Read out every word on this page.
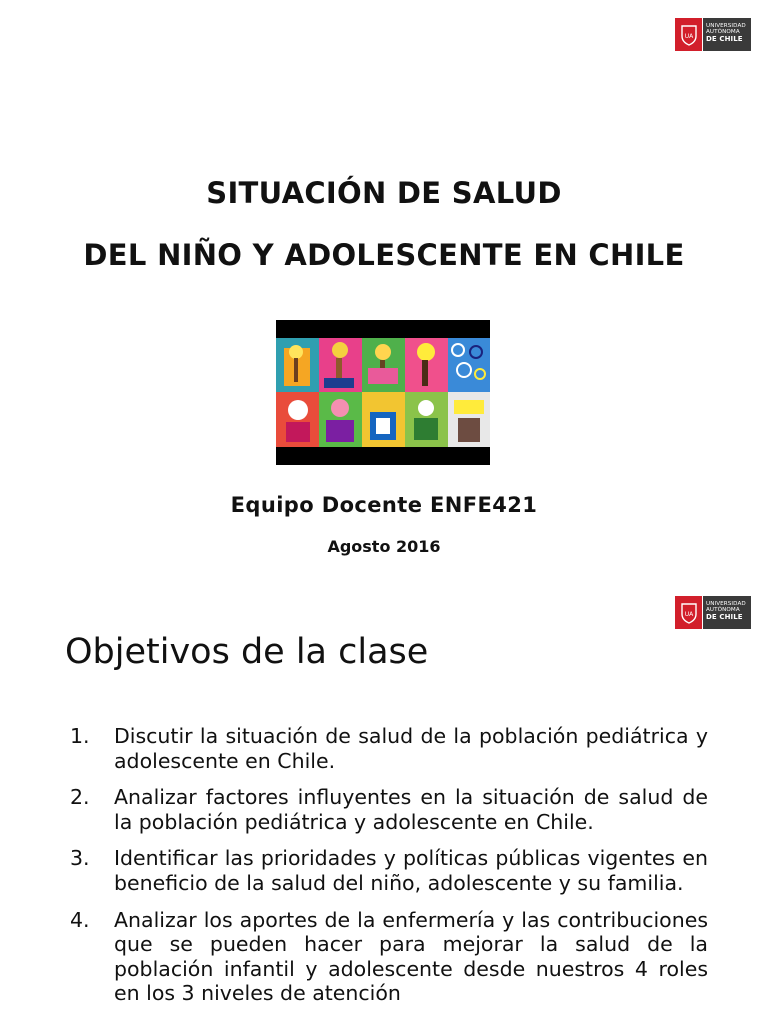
UA
UNIVERSIDAD
AUTÓNOMA
DE CHILE
SITUACIÓN DE SALUD
DEL NIÑO Y ADOLESCENTE EN CHILE
Equipo Docente ENFE421
Agosto 2016
UA
UNIVERSIDAD
AUTÓNOMA
DE CHILE
Objetivos de la clase
1. Discutir la situación de salud de la población pediátrica y adolescente en Chile.
2. Analizar factores influyentes en la situación de salud de la población pediátrica y adolescente en Chile.
3. Identificar las prioridades y políticas públicas vigentes en beneficio de la salud del niño, adolescente y su familia.
4. Analizar los aportes de la enfermería y las contribuciones que se pueden hacer para mejorar la salud de la población infantil y adolescente desde nuestros 4 roles en los 3 niveles de atención
